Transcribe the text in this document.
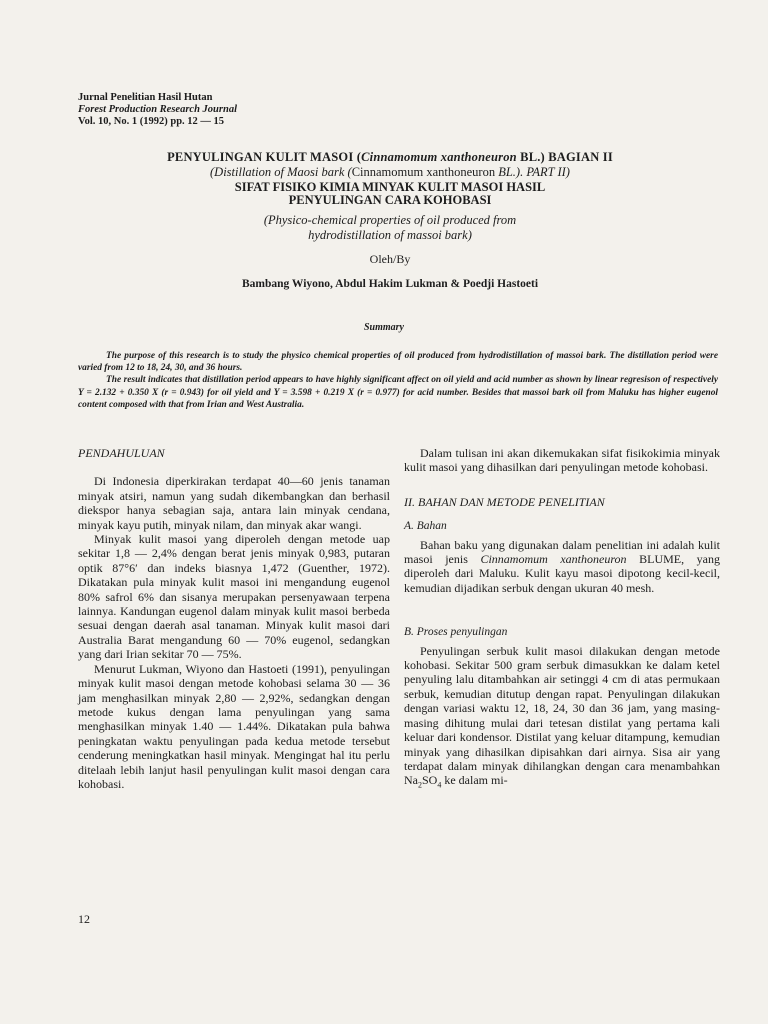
Jurnal Penelitian Hasil Hutan
Forest Production Research Journal
Vol. 10, No. 1 (1992) pp. 12 — 15
PENYULINGAN KULIT MASOI (Cinnamomum xanthoneuron BL.) BAGIAN II
(Distillation of Maosi bark (Cinnamomum xanthoneuron BL.). PART II)
SIFAT FISIKO KIMIA MINYAK KULIT MASOI HASIL
PENYULINGAN CARA KOHOBASI
(Physico-chemical properties of oil produced from
hydrodistillation of massoi bark)
Oleh/By
Bambang Wiyono, Abdul Hakim Lukman & Poedji Hastoeti
Summary

The purpose of this research is to study the physico chemical properties of oil produced from hydrodistillation of massoi bark. The distillation period were varied from 12 to 18, 24, 30, and 36 hours.

The result indicates that distillation period appears to have highly significant affect on oil yield and acid number as shown by linear regresison of respectively Y = 2.132 + 0.350 X (r = 0.943) for oil yield and Y = 3.598 + 0.219 X (r = 0.977) for acid number. Besides that massoi bark oil from Maluku has higher eugenol content composed with that from Irian and West Australia.

PENDAHULUAN

Di Indonesia diperkirakan terdapat 40—60 jenis tanaman minyak atsiri, namun yang sudah dikembangkan dan berhasil diekspor hanya sebagian saja, antara lain minyak cendana, minyak kayu putih, minyak nilam, dan minyak akar wangi.

Minyak kulit masoi yang diperoleh dengan metode uap sekitar 1,8 — 2,4% dengan berat jenis minyak 0,983, putaran optik 87°6′ dan indeks biasnya 1,472 (Guenther, 1972). Dikatakan pula minyak kulit masoi ini mengandung eugenol 80% safrol 6% dan sisanya merupakan persenyawaan terpena lainnya. Kandungan eugenol dalam minyak kulit masoi berbeda sesuai dengan daerah asal tanaman. Minyak kulit masoi dari Australia Barat mengandung 60 — 70% eugenol, sedangkan yang dari Irian sekitar 70 — 75%.

Menurut Lukman, Wiyono dan Hastoeti (1991), penyulingan minyak kulit masoi dengan metode kohobasi selama 30 — 36 jam menghasilkan minyak 2,80 — 2,92%, sedangkan dengan metode kukus dengan lama penyulingan yang sama menghasilkan minyak 1.40 — 1.44%. Dikatakan pula bahwa peningkatan waktu penyulingan pada kedua metode tersebut cenderung meningkatkan hasil minyak. Mengingat hal itu perlu ditelaah lebih lanjut hasil penyulingan kulit masoi dengan cara kohobasi.

Dalam tulisan ini akan dikemukakan sifat fisikokimia minyak kulit masoi yang dihasilkan dari penyulingan metode kohobasi.

II. BAHAN DAN METODE PENELITIAN

A. Bahan

Bahan baku yang digunakan dalam penelitian ini adalah kulit masoi jenis Cinnamomum xanthoneuron BLUME, yang diperoleh dari Maluku. Kulit kayu masoi dipotong kecil-kecil, kemudian dijadikan serbuk dengan ukuran 40 mesh.

B. Proses penyulingan

Penyulingan serbuk kulit masoi dilakukan dengan metode kohobasi. Sekitar 500 gram serbuk dimasukkan ke dalam ketel penyuling lalu ditambahkan air setinggi 4 cm di atas permukaan serbuk, kemudian ditutup dengan rapat. Penyulingan dilakukan dengan variasi waktu 12, 18, 24, 30 dan 36 jam, yang masing-masing dihitung mulai dari tetesan distilat yang pertama kali keluar dari kondensor. Distilat yang keluar ditampung, kemudian minyak yang dihasilkan dipisahkan dari airnya. Sisa air yang terdapat dalam minyak dihilangkan dengan cara menambahkan $Na_2SO_4$ ke dalam mi-

12
